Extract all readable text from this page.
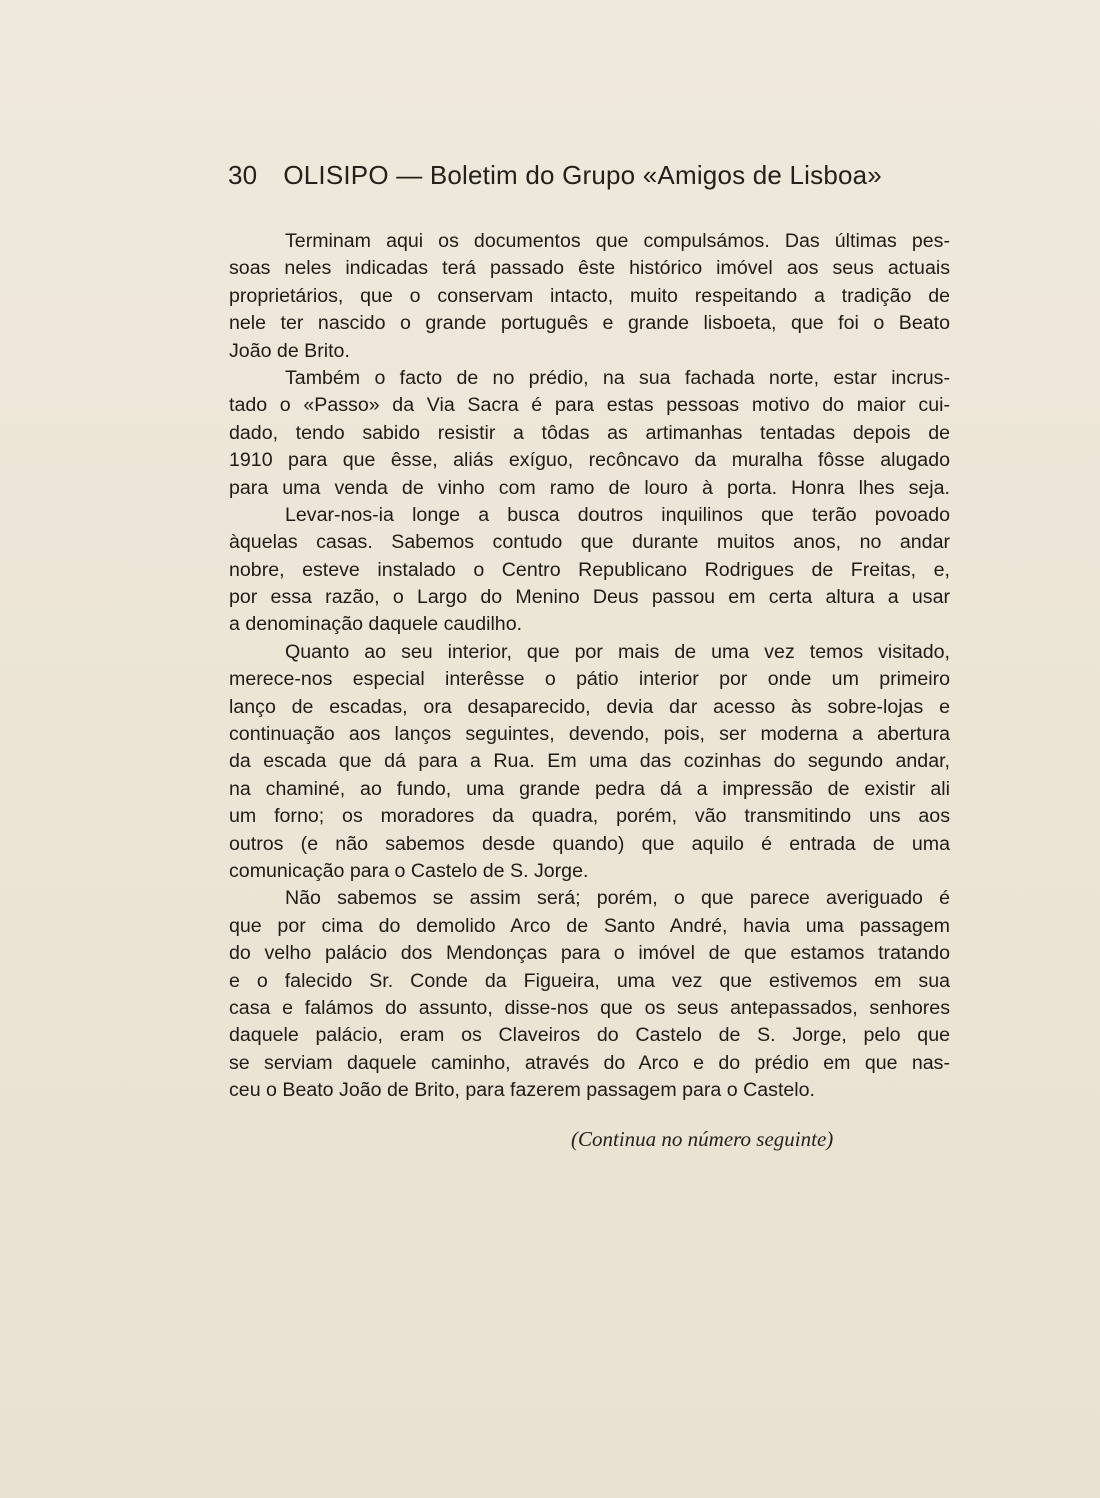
30 OLISIPO — Boletim do Grupo «Amigos de Lisboa»
Terminam aqui os documentos que compulsámos. Das últimas pes-
soas neles indicadas terá passado êste histórico imóvel aos seus actuais
proprietários, que o conservam intacto, muito respeitando a tradição de
nele ter nascido o grande português e grande lisboeta, que foi o Beato
João de Brito.
Também o facto de no prédio, na sua fachada norte, estar incrus-
tado o «Passo» da Via Sacra é para estas pessoas motivo do maior cui-
dado, tendo sabido resistir a tôdas as artimanhas tentadas depois de
1910 para que êsse, aliás exíguo, recôncavo da muralha fôsse alugado
para uma venda de vinho com ramo de louro à porta. Honra lhes seja.
Levar-nos-ia longe a busca doutros inquilinos que terão povoado
àquelas casas. Sabemos contudo que durante muitos anos, no andar
nobre, esteve instalado o Centro Republicano Rodrigues de Freitas, e,
por essa razão, o Largo do Menino Deus passou em certa altura a usar
a denominação daquele caudilho.
Quanto ao seu interior, que por mais de uma vez temos visitado,
merece-nos especial interêsse o pátio interior por onde um primeiro
lanço de escadas, ora desaparecido, devia dar acesso às sobre-lojas e
continuação aos lanços seguintes, devendo, pois, ser moderna a abertura
da escada que dá para a Rua. Em uma das cozinhas do segundo andar,
na chaminé, ao fundo, uma grande pedra dá a impressão de existir ali
um forno; os moradores da quadra, porém, vão transmitindo uns aos
outros (e não sabemos desde quando) que aquilo é entrada de uma
comunicação para o Castelo de S. Jorge.
Não sabemos se assim será; porém, o que parece averiguado é
que por cima do demolido Arco de Santo André, havia uma passagem
do velho palácio dos Mendonças para o imóvel de que estamos tratando
e o falecido Sr. Conde da Figueira, uma vez que estivemos em sua
casa e falámos do assunto, disse-nos que os seus antepassados, senhores
daquele palácio, eram os Claveiros do Castelo de S. Jorge, pelo que
se serviam daquele caminho, através do Arco e do prédio em que nas-
ceu o Beato João de Brito, para fazerem passagem para o Castelo.
(Continua no número seguinte)
